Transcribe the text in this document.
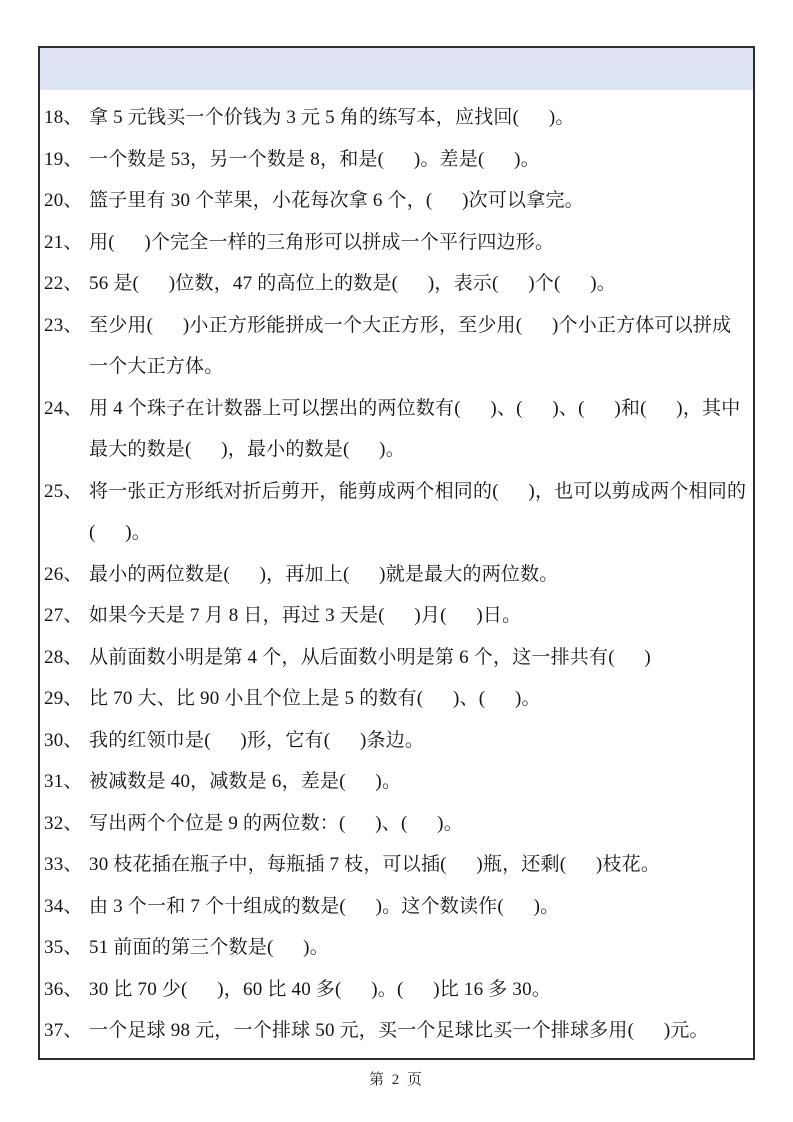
18、 拿 5 元钱买一个价钱为 3 元 5 角的练写本，应找回(      )。

19、 一个数是 53，另一个数是 8，和是(      )。差是(      )。

20、 篮子里有 30 个苹果，小花每次拿 6 个，(      )次可以拿完。

21、 用(      )个完全一样的三角形可以拼成一个平行四边形。

22、 56 是(      )位数，47 的高位上的数是(      )，表示(      )个(      )。

23、 至少用(      )小正方形能拼成一个大正方形，至少用(      )个小正方体可以拼成一个大正方体。

24、 用 4 个珠子在计数器上可以摆出的两位数有(      )、(      )、(      )和(      )，其中最大的数是(      )，最小的数是(      )。

25、 将一张正方形纸对折后剪开，能剪成两个相同的(      )，也可以剪成两个相同的(      )。

26、 最小的两位数是(      )，再加上(      )就是最大的两位数。

27、 如果今天是 7 月 8 日，再过 3 天是(      )月(      )日。

28、 从前面数小明是第 4 个，从后面数小明是第 6 个，这一排共有(      )

29、 比 70 大、比 90 小且个位上是 5 的数有(      )、(      )。

30、 我的红领巾是(      )形，它有(      )条边。

31、 被减数是 40，减数是 6，差是(      )。

32、 写出两个个位是 9 的两位数：(      )、(      )。

33、 30 枝花插在瓶子中，每瓶插 7 枝，可以插(      )瓶，还剩(      )枝花。

34、 由 3 个一和 7 个十组成的数是(      )。这个数读作(      )。

35、 51 前面的第三个数是(      )。

36、 30 比 70 少(      )，60 比 40 多(      )。(      )比 16 多 30。

37、 一个足球 98 元，一个排球 50 元，买一个足球比买一个排球多用(      )元。

第 2 页
